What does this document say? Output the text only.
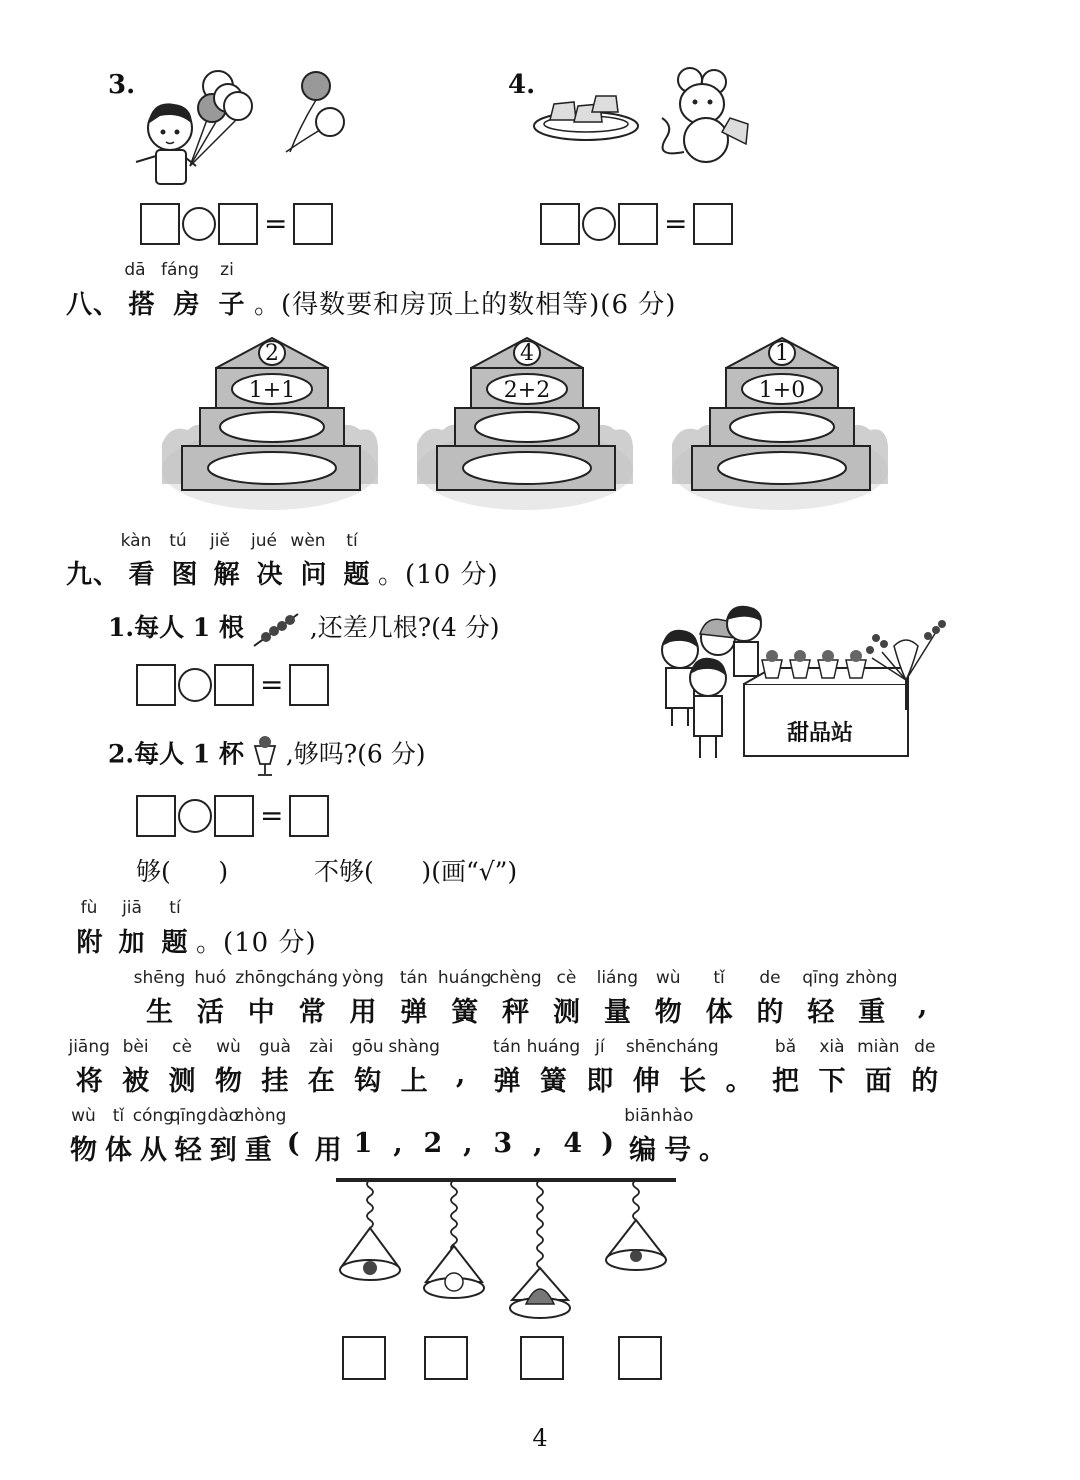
3.
=
4.
=
dā fáng	zi
八、 搭 房 子 。(得数要和房顶上的数相等)(6 分)
2
1+1
4
2+2
1
1+0
kàn	tú	jiě	jué wèn	tí
九、 看 图 解 决 问 题 。(10 分)
1.每人 1 根	,还差几根?(4 分)
=
2.每人 1 杯 ,够吗?(6 分)
=
够(      )	不够(      )(画“√”)
甜品站
fù	jiā	tí
附 加 题 。(10 分)
shēng
生
huó
活
zhōng
中
cháng
常
yòng
用
tán
弹
huáng
簧
chèng
秤
cè
测
liáng
量
wù
物
tǐ
体
de
的
qīng
轻
zhòng
重	,
jiāng
将
bèi
被
cè
测
wù
物
guà
挂
zài
在
gōu
钩
shàng
上	,
tán
弹
huáng
簧
jí
即
shēn
伸
cháng
长 。
bǎ
把
xià
下
miàn
面
de
的
wù
物
tǐ
体
cóng
从
qīng
轻
dào
到
zhòng
重 ( 用 1 , 2 , 3 , 4 )
biān
编
hào
号 。
4
